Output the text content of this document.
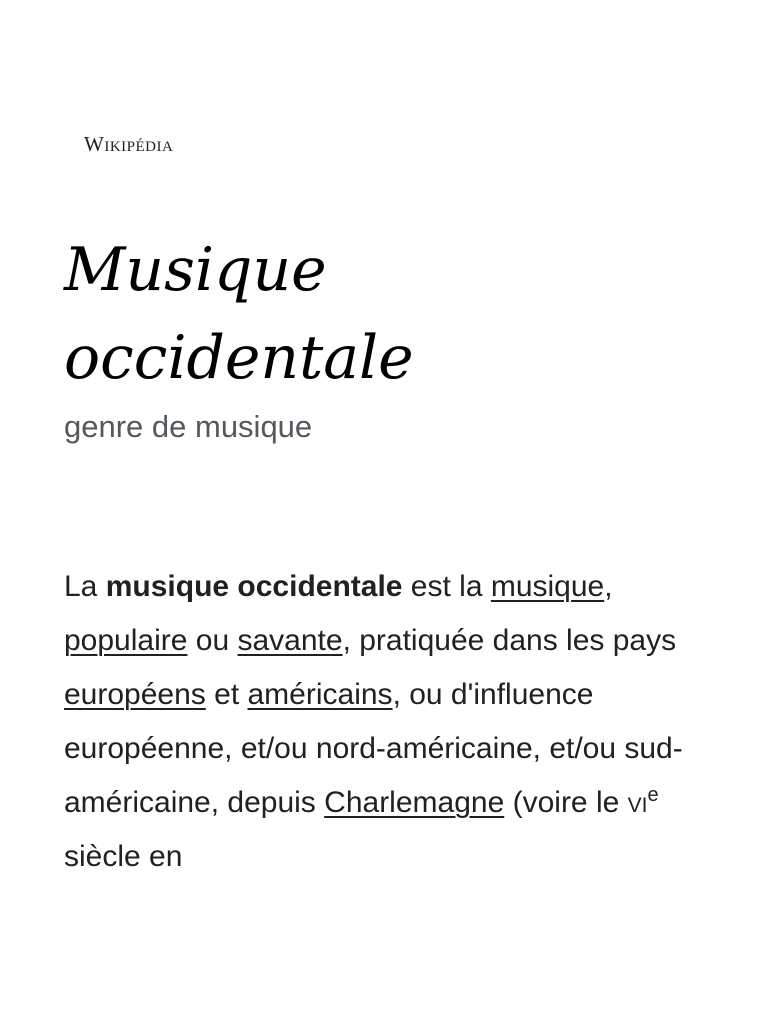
Wikipédia
Musique
occidentale

genre de musique

La musique occidentale est la musique, populaire ou savante, pratiquée dans les pays européens et américains, ou d'influence européenne, et/ou nord-américaine, et/ou sud-américaine, depuis Charlemagne (voire le $vi^e$ siècle en
